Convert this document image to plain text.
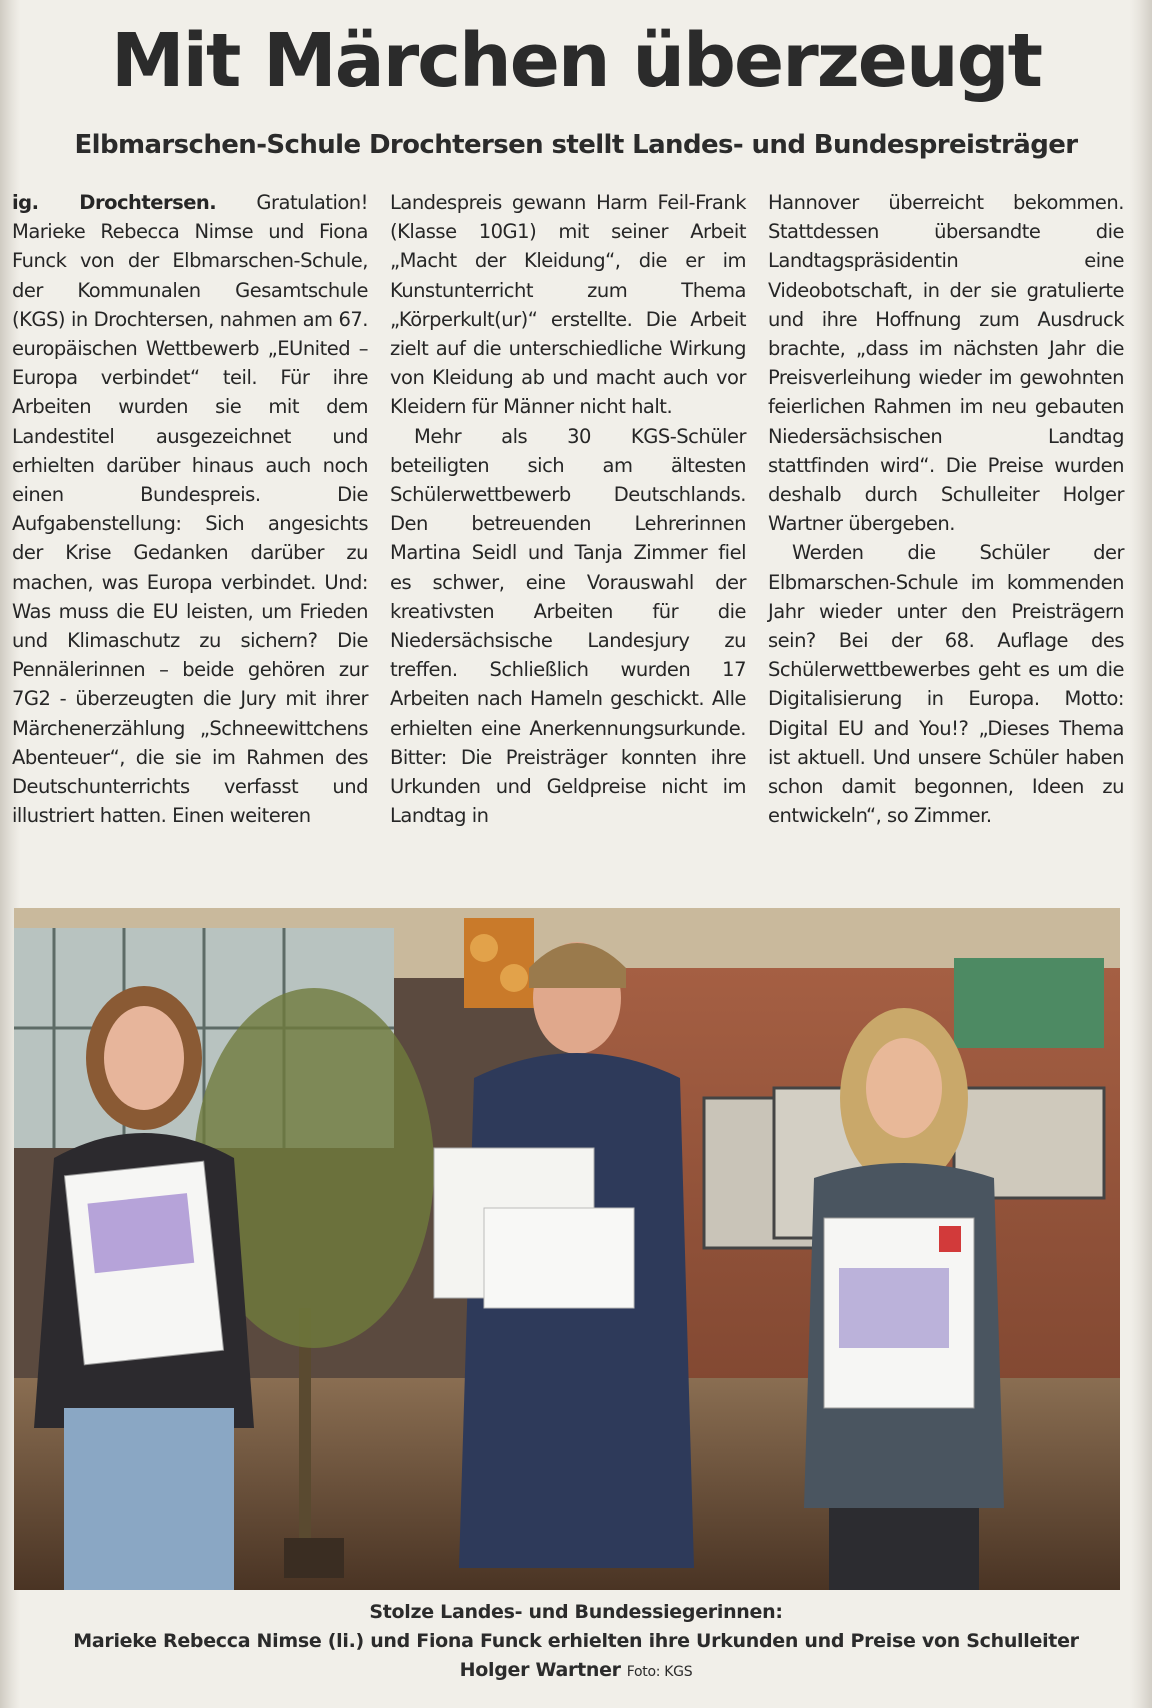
Mit Märchen überzeugt
Elbmarschen-Schule Drochtersen stellt Landes- und Bundespreisträger

ig. Drochtersen. Gratulation! Marieke Rebecca Nimse und Fiona Funck von der Elbmarschen-Schule, der Kommunalen Gesamtschule (KGS) in Drochtersen, nahmen am 67. europäischen Wettbewerb „EUnited – Europa verbindet“ teil. Für ihre Arbeiten wurden sie mit dem Landestitel ausgezeichnet und erhielten darüber hinaus auch noch einen Bundespreis. Die Aufgabenstellung: Sich angesichts der Krise Gedanken darüber zu machen, was Europa verbindet. Und: Was muss die EU leisten, um Frieden und Klimaschutz zu sichern? Die Pennälerinnen – beide gehören zur 7G2 - überzeugten die Jury mit ihrer Märchenerzählung „Schneewittchens Abenteuer“, die sie im Rahmen des Deutschunterrichts verfasst und illustriert hatten. Einen weiteren

Landespreis gewann Harm Feil-Frank (Klasse 10G1) mit seiner Arbeit „Macht der Kleidung“, die er im Kunstunterricht zum Thema „Körperkult(ur)“ erstellte. Die Arbeit zielt auf die unterschiedliche Wirkung von Kleidung ab und macht auch vor Kleidern für Männer nicht halt.

Mehr als 30 KGS-Schüler beteiligten sich am ältesten Schülerwettbewerb Deutschlands. Den betreuenden Lehrerinnen Martina Seidl und Tanja Zimmer fiel es schwer, eine Vorauswahl der kreativsten Arbeiten für die Niedersächsische Landesjury zu treffen. Schließlich wurden 17 Arbeiten nach Hameln geschickt. Alle erhielten eine Anerkennungsurkunde. Bitter: Die Preisträger konnten ihre Urkunden und Geldpreise nicht im Landtag in

Hannover überreicht bekommen. Stattdessen übersandte die Landtagspräsidentin eine Videobotschaft, in der sie gratulierte und ihre Hoffnung zum Ausdruck brachte, „dass im nächsten Jahr die Preisverleihung wieder im gewohnten feierlichen Rahmen im neu gebauten Niedersächsischen Landtag stattfinden wird“. Die Preise wurden deshalb durch Schulleiter Holger Wartner übergeben.

Werden die Schüler der Elbmarschen-Schule im kommenden Jahr wieder unter den Preisträgern sein? Bei der 68. Auflage des Schülerwettbewerbes geht es um die Digitalisierung in Europa. Motto: Digital EU and You!? „Dieses Thema ist aktuell. Und unsere Schüler haben schon damit begonnen, Ideen zu entwickeln“, so Zimmer.

Stolze Landes- und Bundessiegerinnen:
Marieke Rebecca Nimse (li.) und Fiona Funck erhielten ihre Urkunden und Preise von Schulleiter
Holger Wartner Foto: KGS
